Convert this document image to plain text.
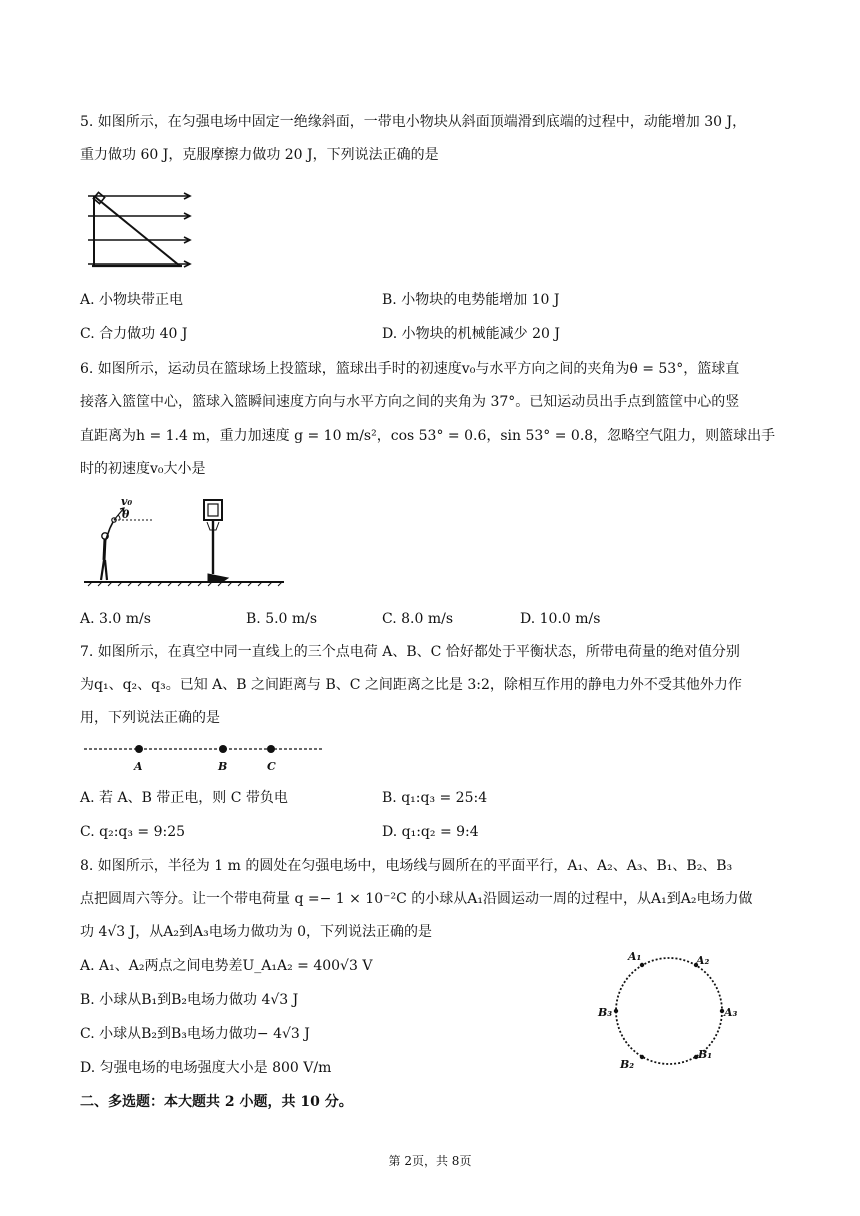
5. 如图所示，在匀强电场中固定一绝缘斜面，一带电小物块从斜面顶端滑到底端的过程中，动能增加 30 J，
重力做功 60 J，克服摩擦力做功 20 J，下列说法正确的是
A. 小物块带正电	B. 小物块的电势能增加 10 J
C. 合力做功 40 J	D. 小物块的机械能减少 20 J
6. 如图所示，运动员在篮球场上投篮球，篮球出手时的初速度v₀与水平方向之间的夹角为θ = 53°，篮球直
接落入篮筐中心，篮球入篮瞬间速度方向与水平方向之间的夹角为 37°。已知运动员出手点到篮筐中心的竖
直距离为h = 1.4 m，重力加速度 g = 10 m/s²，cos 53° = 0.6，sin 53° = 0.8，忽略空气阻力，则篮球出手
时的初速度v₀大小是
v₀
θ
A. 3.0 m/s	B. 5.0 m/s	C. 8.0 m/s	D. 10.0 m/s
7. 如图所示，在真空中同一直线上的三个点电荷 A、B、C 恰好都处于平衡状态，所带电荷量的绝对值分别
为q₁、q₂、q₃。已知 A、B 之间距离与 B、C 之间距离之比是 3:2，除相互作用的静电力外不受其他外力作
用，下列说法正确的是
A	B	C
A. 若 A、B 带正电，则 C 带负电	B. q₁:q₃ = 25:4
C. q₂:q₃ = 9:25	D. q₁:q₂ = 9:4
8. 如图所示，半径为 1 m 的圆处在匀强电场中，电场线与圆所在的平面平行，A₁、A₂、A₃、B₁、B₂、B₃
点把圆周六等分。让一个带电荷量 q =− 1 × 10⁻²C 的小球从A₁沿圆运动一周的过程中，从A₁到A₂电场力做
功 4√3 J，从A₂到A₃电场力做功为 0，下列说法正确的是
A. A₁、A₂两点之间电势差U_A₁A₂ = 400√3 V
B. 小球从B₁到B₂电场力做功 4√3 J
C. 小球从B₂到B₃电场力做功− 4√3 J
D. 匀强电场的电场强度大小是 800 V/m
A₁	A₂
A₃
B₁
B₂
B₃
二、多选题：本大题共 2 小题，共 10 分。
第 2页，共 8页
